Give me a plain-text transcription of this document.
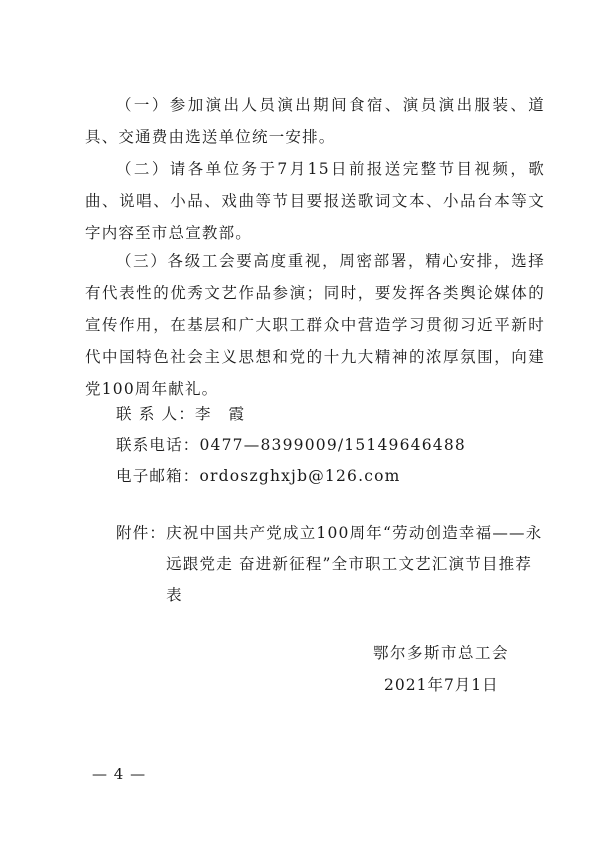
（一）参加演出人员演出期间食宿、演员演出服装、道具、交通费由选送单位统一安排。

（二）请各单位务于7月15日前报送完整节目视频，歌曲、说唱、小品、戏曲等节目要报送歌词文本、小品台本等文字内容至市总宣教部。

（三）各级工会要高度重视，周密部署，精心安排，选择有代表性的优秀文艺作品参演；同时，要发挥各类舆论媒体的宣传作用，在基层和广大职工群众中营造学习贯彻习近平新时代中国特色社会主义思想和党的十九大精神的浓厚氛围，向建党100周年献礼。

联 系 人：李　霞

联系电话：0477—8399009/15149646488

电子邮箱：ordoszghxjb@126.com

附件： 庆祝中国共产党成立100周年“劳动创造幸福——永远跟党走 奋进新征程”全市职工文艺汇演节目推荐表
鄂尔多斯市总工会
2021年7月1日
— 4 —
